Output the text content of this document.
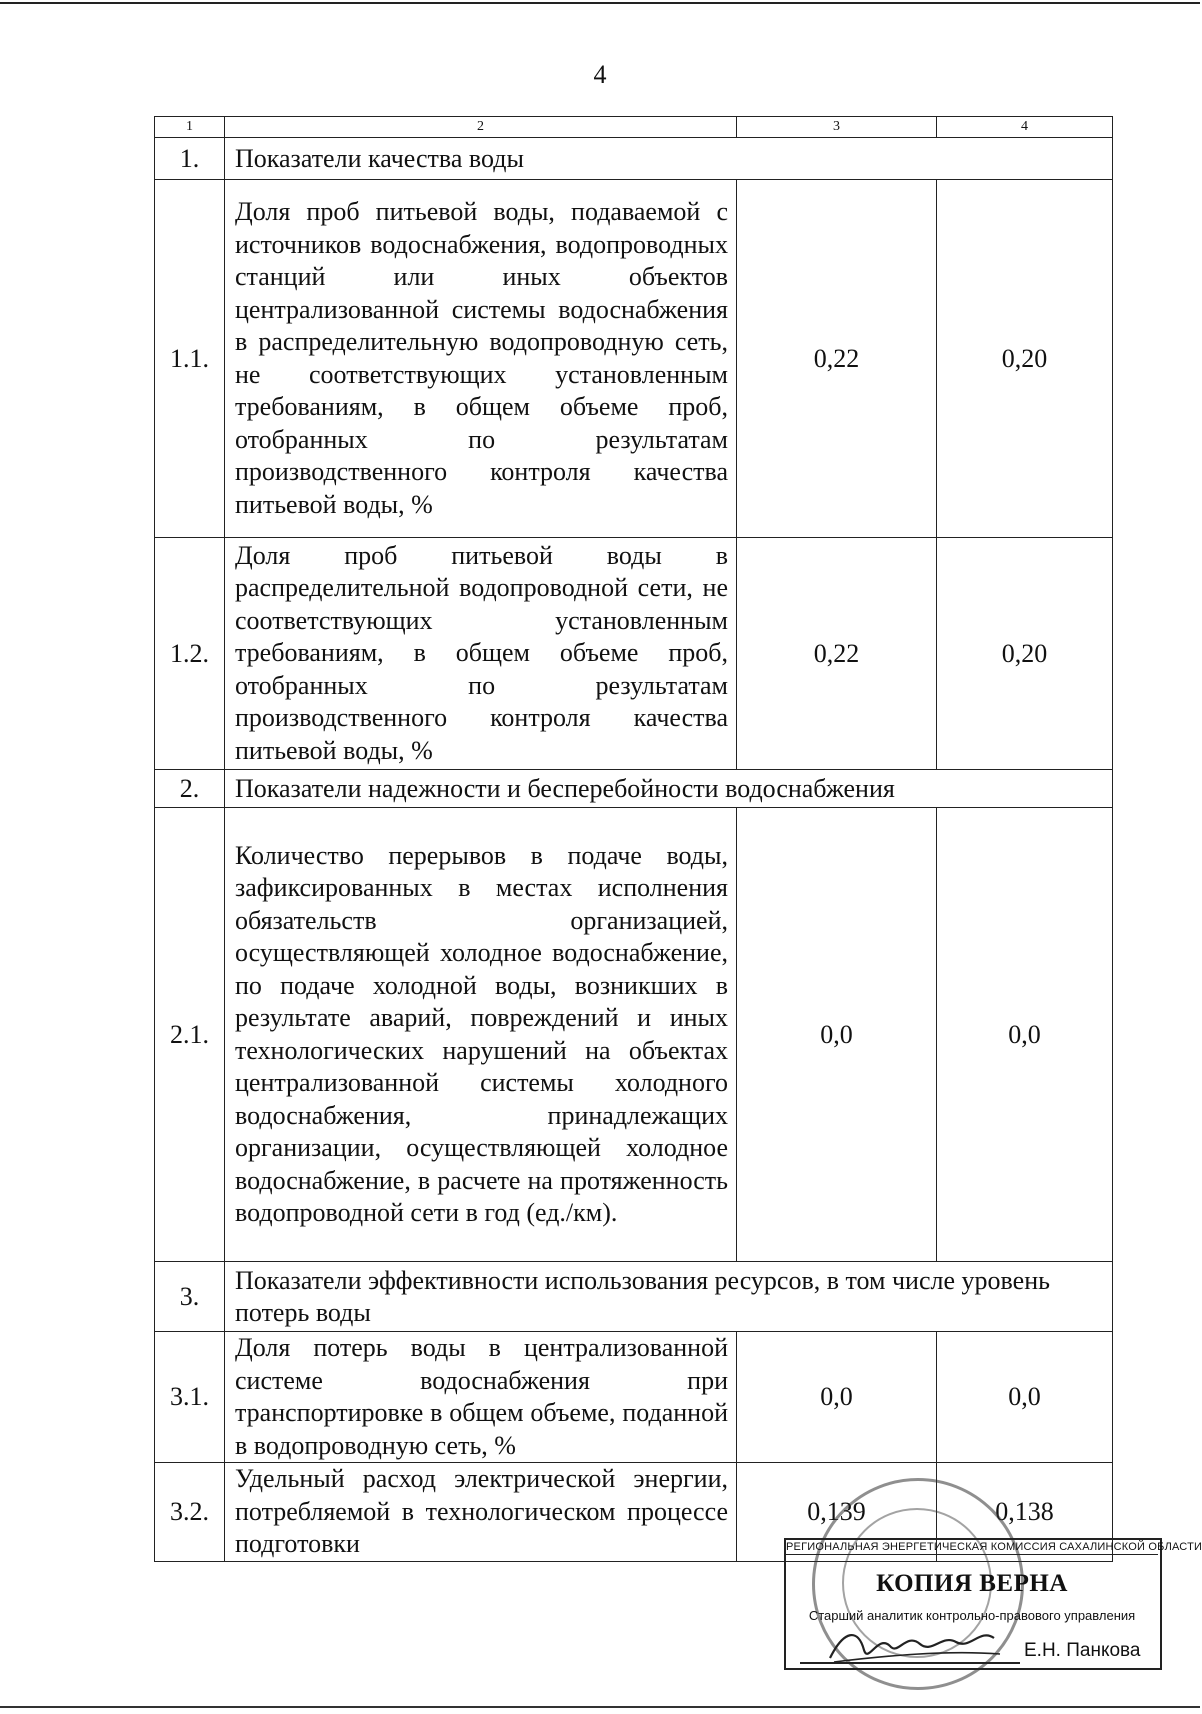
4
1	2	3	4
1.	Показатели качества воды		
1.1.	Доля проб питьевой воды, подаваемой с источников водоснабжения, водопроводных станций или иных объектов централизованной системы водоснабжения в распределительную водопроводную сеть, не соответствующих установленным требованиям, в общем объеме проб, отобранных по результатам производственного контроля качества питьевой воды, %	0,22	0,20
1.2.	Доля проб питьевой воды в распределительной водопроводной сети, не соответствующих установленным требованиям, в общем объеме проб, отобранных по результатам производственного контроля качества питьевой воды, %	0,22	0,20
2.	Показатели надежности и бесперебойности водоснабжения		
2.1.	Количество перерывов в подаче воды, зафиксированных в местах исполнения обязательств организацией, осуществляющей холодное водоснабжение, по подаче холодной воды, возникших в результате аварий, повреждений и иных технологических нарушений на объектах централизованной системы холодного водоснабжения, принадлежащих организации, осуществляющей холодное водоснабжение, в расчете на протяженность водопроводной сети в год (ед./км).	0,0	0,0
3.	Показатели эффективности использования ресурсов, в том числе уровень потерь воды		
3.1.	Доля потерь воды в централизованной системе водоснабжения при транспортировке в общем объеме, поданной в водопроводную сеть, %	0,0	0,0
3.2.	Удельный расход электрической энергии, потребляемой в технологическом процессе подготовки	0,139	0,138
РЕГИОНАЛЬНАЯ ЭНЕРГЕТИЧЕСКАЯ КОМИССИЯ САХАЛИНСКОЙ ОБЛАСТИ
КОПИЯ ВЕРНА
Старший аналитик контрольно-правового управления
Е.Н. Панкова
